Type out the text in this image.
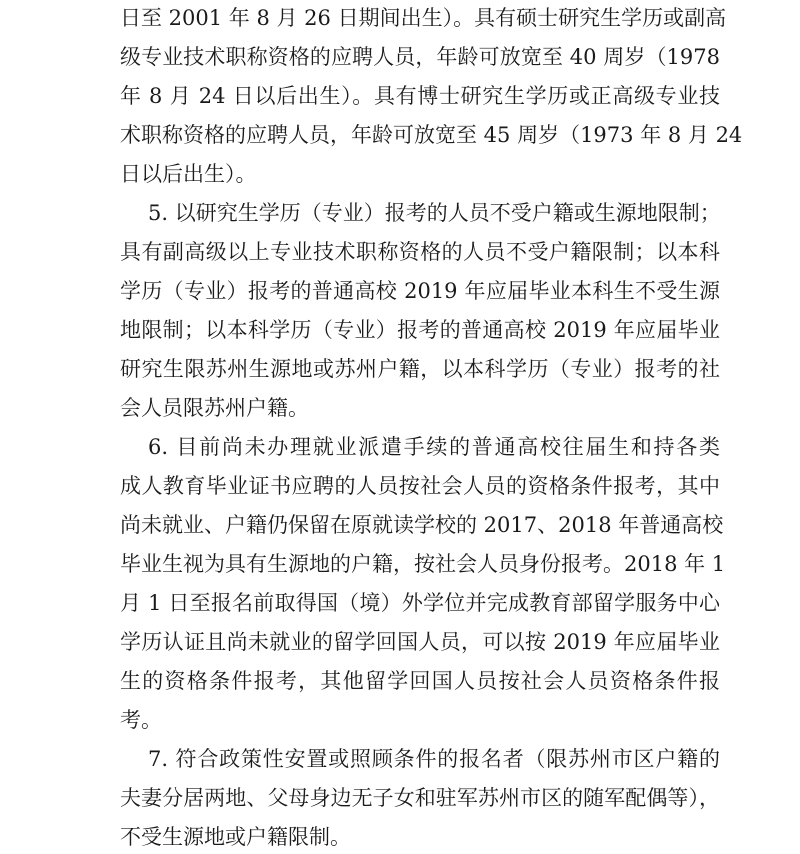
日至 2001 年 8 月 26 日期间出生）。具有硕士研究生学历或副高
级专业技术职称资格的应聘人员，年龄可放宽至 40 周岁（1978
年 8 月 24 日以后出生）。具有博士研究生学历或正高级专业技
术职称资格的应聘人员，年龄可放宽至 45 周岁（1973 年 8 月 24
日以后出生）。
5. 以研究生学历（专业）报考的人员不受户籍或生源地限制；
具有副高级以上专业技术职称资格的人员不受户籍限制；以本科
学历（专业）报考的普通高校 2019 年应届毕业本科生不受生源
地限制；以本科学历（专业）报考的普通高校 2019 年应届毕业
研究生限苏州生源地或苏州户籍，以本科学历（专业）报考的社
会人员限苏州户籍。
6. 目前尚未办理就业派遣手续的普通高校往届生和持各类
成人教育毕业证书应聘的人员按社会人员的资格条件报考，其中
尚未就业、户籍仍保留在原就读学校的 2017、2018 年普通高校
毕业生视为具有生源地的户籍，按社会人员身份报考。2018 年 1
月 1 日至报名前取得国（境）外学位并完成教育部留学服务中心
学历认证且尚未就业的留学回国人员，可以按 2019 年应届毕业
生的资格条件报考，其他留学回国人员按社会人员资格条件报
考。
7. 符合政策性安置或照顾条件的报名者（限苏州市区户籍的
夫妻分居两地、父母身边无子女和驻军苏州市区的随军配偶等），
不受生源地或户籍限制。
